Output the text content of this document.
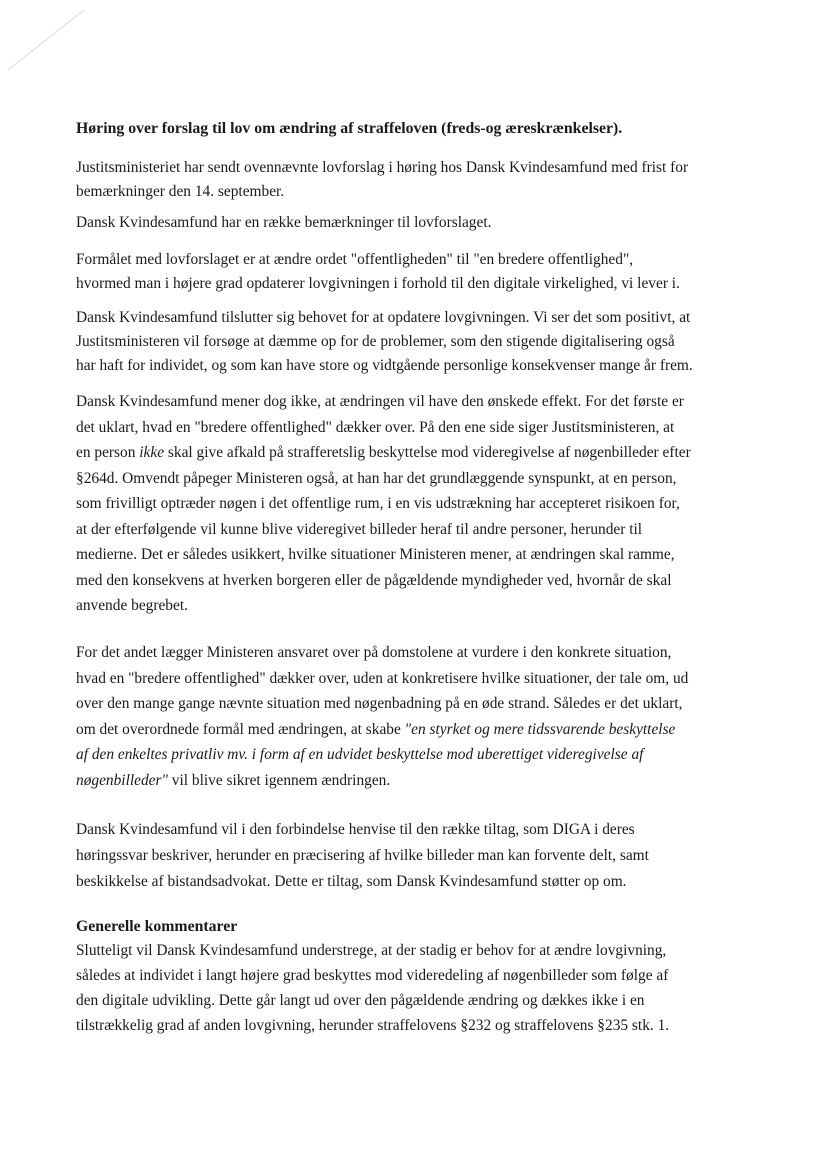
Høring over forslag til lov om ændring af straffeloven (freds-og æreskrænkelser).

Justitsministeriet har sendt ovennævnte lovforslag i høring hos Dansk Kvindesamfund med frist for
bemærkninger den 14. september.

Dansk Kvindesamfund har en række bemærkninger til lovforslaget.

Formålet med lovforslaget er at ændre ordet "offentligheden" til "en bredere offentlighed",
hvormed man i højere grad opdaterer lovgivningen i forhold til den digitale virkelighed, vi lever i.

Dansk Kvindesamfund tilslutter sig behovet for at opdatere lovgivningen. Vi ser det som positivt, at
Justitsministeren vil forsøge at dæmme op for de problemer, som den stigende digitalisering også
har haft for individet, og som kan have store og vidtgående personlige konsekvenser mange år frem.

Dansk Kvindesamfund mener dog ikke, at ændringen vil have den ønskede effekt. For det første er
det uklart, hvad en "bredere offentlighed" dækker over. På den ene side siger Justitsministeren, at
en person ikke skal give afkald på strafferetslig beskyttelse mod videregivelse af nøgenbilleder efter
§264d. Omvendt påpeger Ministeren også, at han har det grundlæggende synspunkt, at en person,
som frivilligt optræder nøgen i det offentlige rum, i en vis udstrækning har accepteret risikoen for,
at der efterfølgende vil kunne blive videregivet billeder heraf til andre personer, herunder til
medierne. Det er således usikkert, hvilke situationer Ministeren mener, at ændringen skal ramme,
med den konsekvens at hverken borgeren eller de pågældende myndigheder ved, hvornår de skal
anvende begrebet.

For det andet lægger Ministeren ansvaret over på domstolene at vurdere i den konkrete situation,
hvad en "bredere offentlighed" dækker over, uden at konkretisere hvilke situationer, der tale om, ud
over den mange gange nævnte situation med nøgenbadning på en øde strand. Således er det uklart,
om det overordnede formål med ændringen, at skabe "en styrket og mere tidssvarende beskyttelse
af den enkeltes privatliv mv. i form af en udvidet beskyttelse mod uberettiget videregivelse af
nøgenbilleder" vil blive sikret igennem ændringen.

Dansk Kvindesamfund vil i den forbindelse henvise til den række tiltag, som DIGA i deres
høringssvar beskriver, herunder en præcisering af hvilke billeder man kan forvente delt, samt
beskikkelse af bistandsadvokat. Dette er tiltag, som Dansk Kvindesamfund støtter op om.

Generelle kommentarer

Slutteligt vil Dansk Kvindesamfund understrege, at der stadig er behov for at ændre lovgivning,
således at individet i langt højere grad beskyttes mod videredeling af nøgenbilleder som følge af
den digitale udvikling. Dette går langt ud over den pågældende ændring og dækkes ikke i en
tilstrækkelig grad af anden lovgivning, herunder straffelovens §232 og straffelovens §235 stk. 1.
